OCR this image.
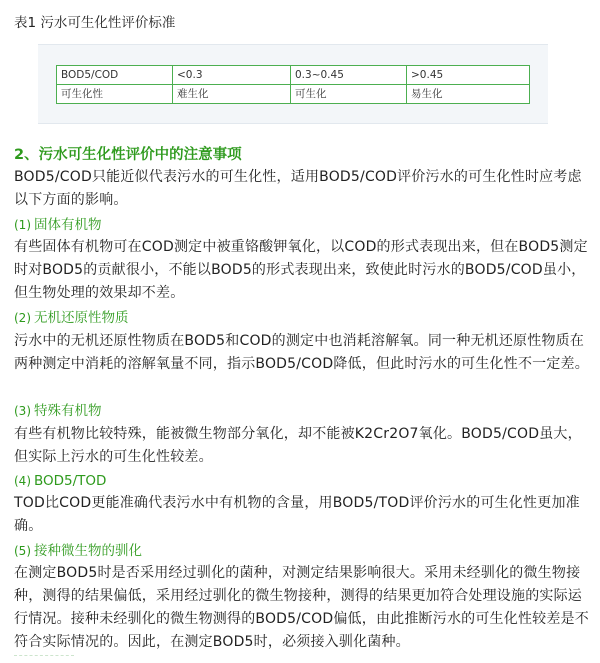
表1 污水可生化性评价标准
BOD5/COD	<0.3	0.3~0.45	>0.45
可生化性	难生化	可生化	易生化
2、污水可生化性评价中的注意事项
BOD5/COD只能近似代表污水的可生化性，适用BOD5/COD评价污水的可生化性时应考虑以下方面的影响。
(1) 固体有机物
有些固体有机物可在COD测定中被重铬酸钾氧化，以COD的形式表现出来，但在BOD5测定时对BOD5的贡献很小，不能以BOD5的形式表现出来，致使此时污水的BOD5/COD虽小，但生物处理的效果却不差。
(2) 无机还原性物质
污水中的无机还原性物质在BOD5和COD的测定中也消耗溶解氧。同一种无机还原性物质在两种测定中消耗的溶解氧量不同，指示BOD5/COD降低，但此时污水的可生化性不一定差。
(3) 特殊有机物
有些有机物比较特殊，能被微生物部分氧化，却不能被K2Cr2O7氧化。BOD5/COD虽大，但实际上污水的可生化性较差。
(4) BOD5/TOD
TOD比COD更能准确代表污水中有机物的含量，用BOD5/TOD评价污水的可生化性更加准确。
(5) 接种微生物的驯化
在测定BOD5时是否采用经过驯化的菌种，对测定结果影响很大。采用未经驯化的微生物接种，测得的结果偏低，采用经过驯化的微生物接种，测得的结果更加符合处理设施的实际运行情况。接种未经驯化的微生物测得的BOD5/COD偏低，由此推断污水的可生化性较差是不符合实际情况的。因此，在测定BOD5时，必须接入驯化菌种。
